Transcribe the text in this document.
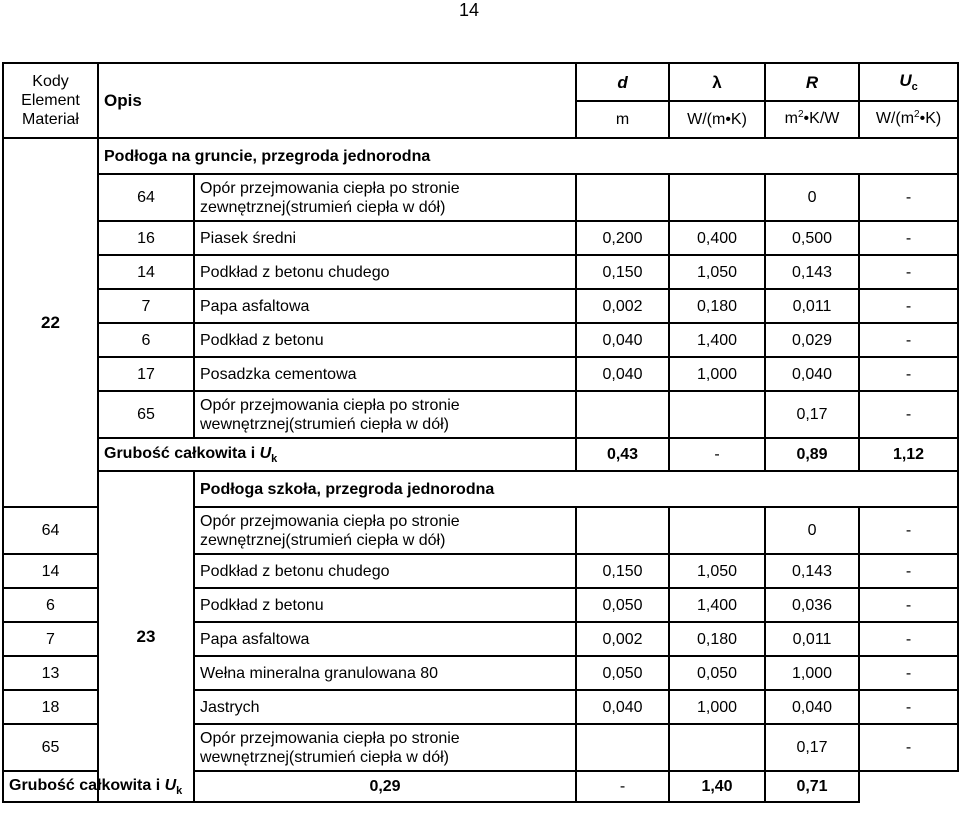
14
Kody Element Materiał	Opis		d	λ	R	$U_c$
			m	W/(m•K)	$m^2•K/W$	$W/(m^2•K)$
22	Podłoga na gruncie, przegroda jednorodna					
	64	Opór przejmowania ciepła po stronie zewnętrznej(strumień ciepła w dół)			0	-
	16	Piasek średni	0,200	0,400	0,500	-
	14	Podkład z betonu chudego	0,150	1,050	0,143	-
	7	Papa asfaltowa	0,002	0,180	0,011	-
	6	Podkład z betonu	0,040	1,400	0,029	-
	17	Posadzka cementowa	0,040	1,000	0,040	-
	65	Opór przejmowania ciepła po stronie wewnętrznej(strumień ciepła w dół)			0,17	-
	Grubość całkowita i $U_k$		0,43	-	0,89	1,12
	23	Podłoga szkoła, przegroda jednorodna				
64		Opór przejmowania ciepła po stronie zewnętrznej(strumień ciepła w dół)			0	-
14		Podkład z betonu chudego	0,150	1,050	0,143	-
6		Podkład z betonu	0,050	1,400	0,036	-
7		Papa asfaltowa	0,002	0,180	0,011	-
13		Wełna mineralna granulowana 80	0,050	0,050	1,000	-
18		Jastrych	0,040	1,000	0,040	-
65		Opór przejmowania ciepła po stronie wewnętrznej(strumień ciepła w dół)			0,17	-
Grubość całkowita i $U_k$		0,29	-	1,40	0,71	
